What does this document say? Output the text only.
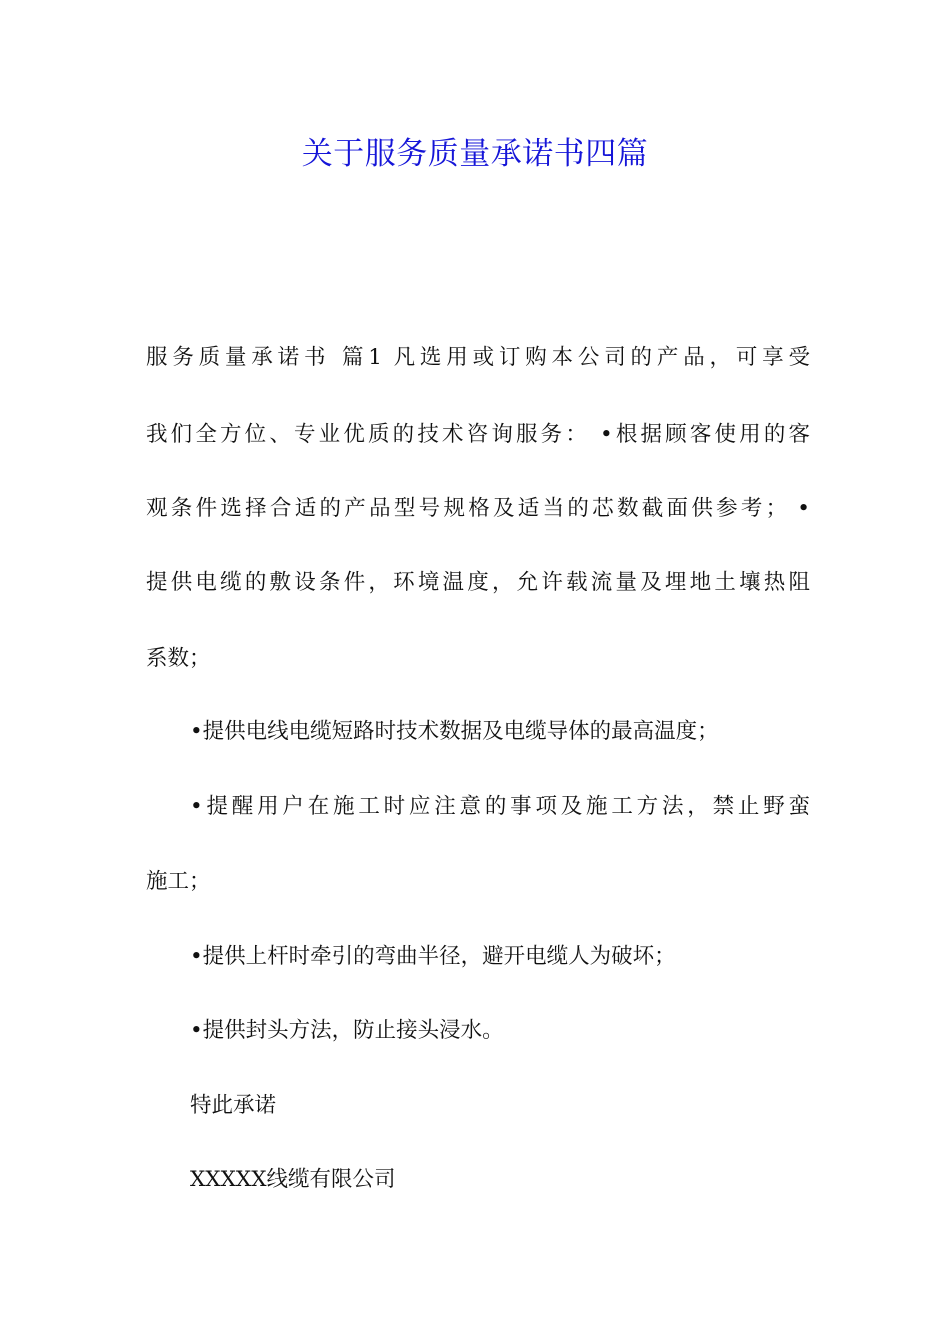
关于服务质量承诺书四篇
服务质量承诺书 篇1 凡选用或订购本公司的产品，可享受
我们全方位、专业优质的技术咨询服务： •根据顾客使用的客
观条件选择合适的产品型号规格及适当的芯数截面供参考； •
提供电缆的敷设条件，环境温度，允许载流量及埋地土壤热阻
系数；
•提供电线电缆短路时技术数据及电缆导体的最高温度；
•提醒用户在施工时应注意的事项及施工方法，禁止野蛮
施工；
•提供上杆时牵引的弯曲半径，避开电缆人为破坏；
•提供封头方法，防止接头浸水。
特此承诺
XXXXX线缆有限公司
